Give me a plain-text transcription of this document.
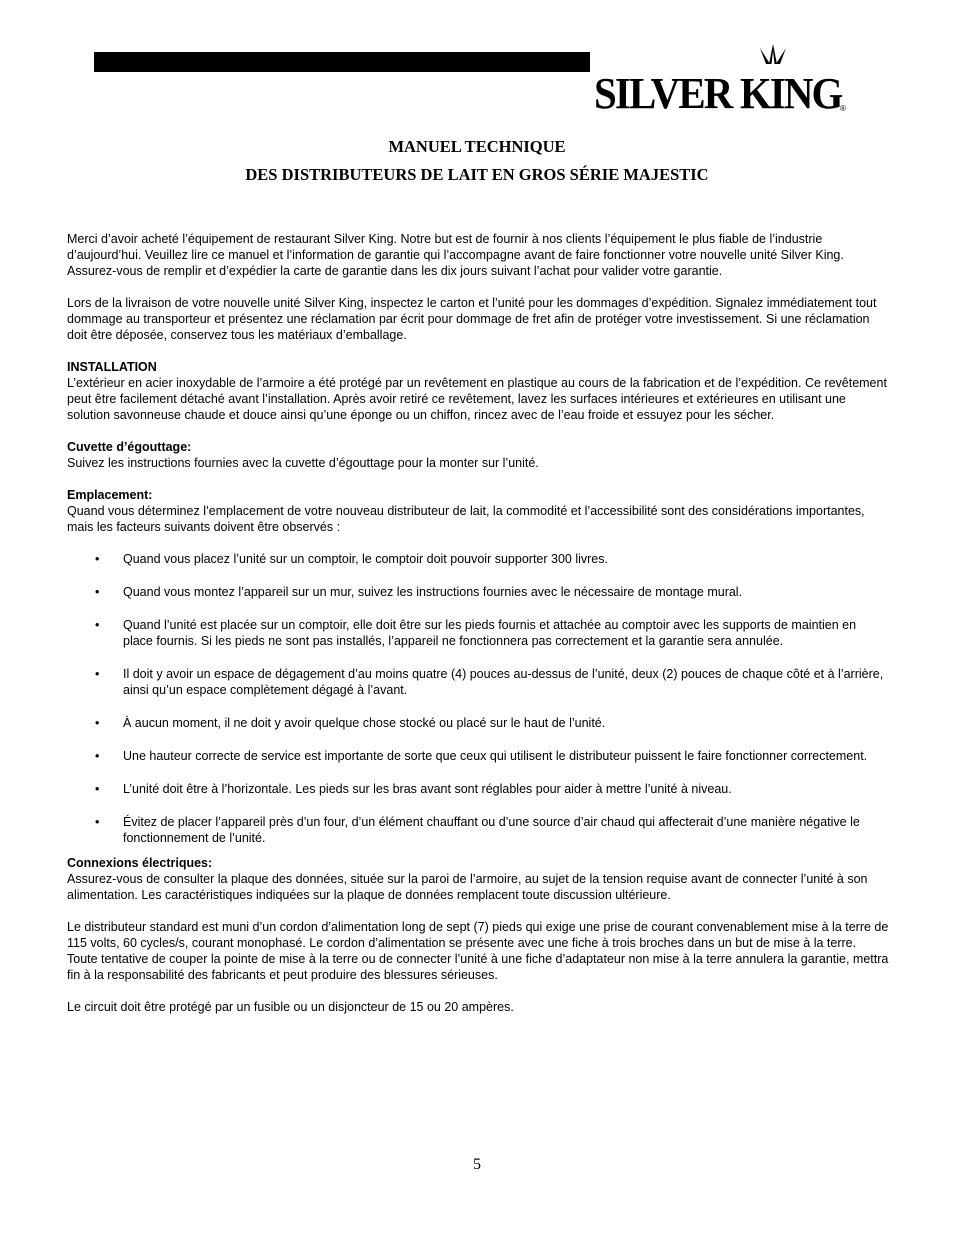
SILVER KING
®
MANUEL TECHNIQUE
DES DISTRIBUTEURS DE LAIT EN GROS SÉRIE MAJESTIC

Merci d’avoir acheté l’équipement de restaurant Silver King. Notre but est de fournir à nos clients l’équipement le plus fiable de l’industrie d’aujourd’hui. Veuillez lire ce manuel et l’information de garantie qui l’accompagne avant de faire fonctionner votre nouvelle unité Silver King. Assurez-vous de remplir et d’expédier la carte de garantie dans les dix jours suivant l’achat pour valider votre garantie.

Lors de la livraison de votre nouvelle unité Silver King, inspectez le carton et l’unité pour les dommages d’expédition. Signalez immédiatement tout dommage au transporteur et présentez une réclamation par écrit pour dommage de fret afin de protéger votre investissement. Si une réclamation doit être déposée, conservez tous les matériaux d’emballage.

INSTALLATION

L’extérieur en acier inoxydable de l’armoire a été protégé par un revêtement en plastique au cours de la fabrication et de l’expédition. Ce revêtement peut être facilement détaché avant l’installation. Après avoir retiré ce revêtement, lavez les surfaces intérieures et extérieures en utilisant une solution savonneuse chaude et douce ainsi qu’une éponge ou un chiffon, rincez avec de l’eau froide et essuyez pour les sécher.

Cuvette d’égouttage:

Suivez les instructions fournies avec la cuvette d’égouttage pour la monter sur l’unité.

Emplacement:

Quand vous déterminez l’emplacement de votre nouveau distributeur de lait, la commodité et l’accessibilité sont des considérations importantes, mais les facteurs suivants doivent être observés :

• Quand vous placez l’unité sur un comptoir, le comptoir doit pouvoir supporter 300 livres.
• Quand vous montez l’appareil sur un mur, suivez les instructions fournies avec le nécessaire de montage mural.
• Quand l’unité est placée sur un comptoir, elle doit être sur les pieds fournis et attachée au comptoir avec les supports de maintien en place fournis. Si les pieds ne sont pas installés, l’appareil ne fonctionnera pas correctement et la garantie sera annulée.
• Il doit y avoir un espace de dégagement d’au moins quatre (4) pouces au-dessus de l’unité, deux (2) pouces de chaque côté et à l’arrière, ainsi qu’un espace complètement dégagé à l’avant.
• À aucun moment, il ne doit y avoir quelque chose stocké ou placé sur le haut de l’unité.
• Une hauteur correcte de service est importante de sorte que ceux qui utilisent le distributeur puissent le faire fonctionner correctement.
• L’unité doit être à l’horizontale. Les pieds sur les bras avant sont réglables pour aider à mettre l’unité à niveau.
• Évitez de placer l’appareil près d’un four, d’un élément chauffant ou d’une source d’air chaud qui affecterait d’une manière négative le fonctionnement de l’unité.

Connexions électriques:

Assurez-vous de consulter la plaque des données, située sur la paroi de l’armoire, au sujet de la tension requise avant de connecter l’unité à son alimentation. Les caractéristiques indiquées sur la plaque de données remplacent toute discussion ultérieure.

Le distributeur standard est muni d’un cordon d’alimentation long de sept (7) pieds qui exige une prise de courant convenablement mise à la terre de 115 volts, 60 cycles/s, courant monophasé. Le cordon d’alimentation se présente avec une fiche à trois broches dans un but de mise à la terre. Toute tentative de couper la pointe de mise à la terre ou de connecter l’unité à une fiche d’adaptateur non mise à la terre annulera la garantie, mettra fin à la responsabilité des fabricants et peut produire des blessures sérieuses.

Le circuit doit être protégé par un fusible ou un disjoncteur de 15 ou 20 ampères.

5
